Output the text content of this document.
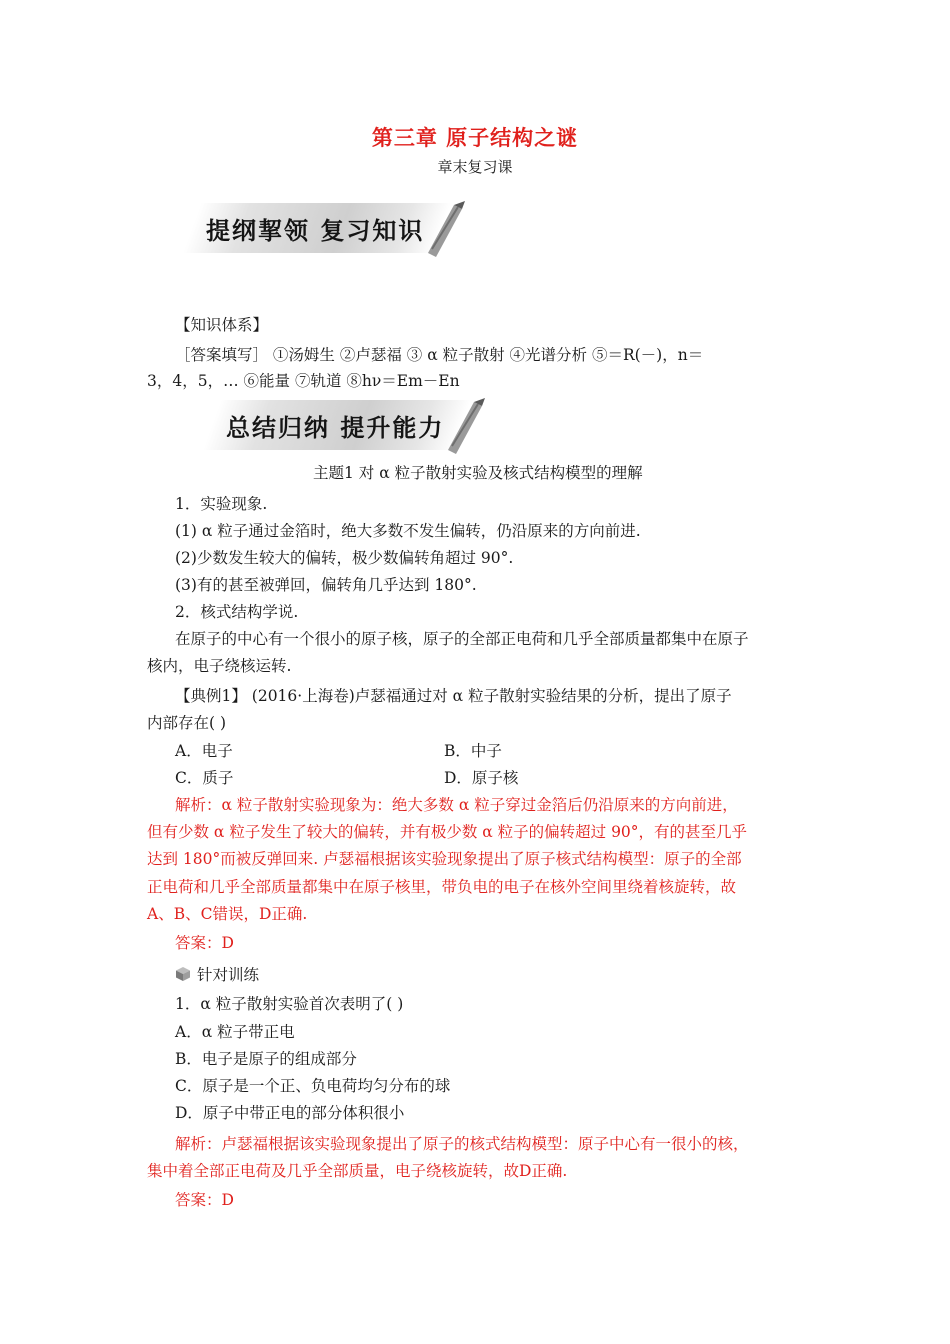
第三章 原子结构之谜
章末复习课
提纲挈领 复习知识
【知识体系】
［答案填写］ ①汤姆生 ②卢瑟福 ③ α 粒子散射 ④光谱分析 ⑤＝R(－)，n＝
3，4，5，… ⑥能量 ⑦轨道 ⑧hν＝Em－En
总结归纳 提升能力
主题1 对 α 粒子散射实验及核式结构模型的理解
1．实验现象.
(1) α 粒子通过金箔时，绝大多数不发生偏转，仍沿原来的方向前进.
(2)少数发生较大的偏转，极少数偏转角超过 90°.
(3)有的甚至被弹回，偏转角几乎达到 180°.
2．核式结构学说.
在原子的中心有一个很小的原子核，原子的全部正电荷和几乎全部质量都集中在原子
核内，电子绕核运转.
【典例1】 (2016·上海卷)卢瑟福通过对 α 粒子散射实验结果的分析，提出了原子
内部存在( )
A．电子	B．中子
C．质子	D．原子核
解析：α 粒子散射实验现象为：绝大多数 α 粒子穿过金箔后仍沿原来的方向前进，
但有少数 α 粒子发生了较大的偏转，并有极少数 α 粒子的偏转超过 90°，有的甚至几乎
达到 180°而被反弹回来. 卢瑟福根据该实验现象提出了原子核式结构模型：原子的全部
正电荷和几乎全部质量都集中在原子核里，带负电的电子在核外空间里绕着核旋转，故
A、B、C错误，D正确.
答案：D
针对训练
1．α 粒子散射实验首次表明了( )
A．α 粒子带正电
B．电子是原子的组成部分
C．原子是一个正、负电荷均匀分布的球
D．原子中带正电的部分体积很小
解析：卢瑟福根据该实验现象提出了原子的核式结构模型：原子中心有一很小的核，
集中着全部正电荷及几乎全部质量，电子绕核旋转，故D正确.
答案：D
